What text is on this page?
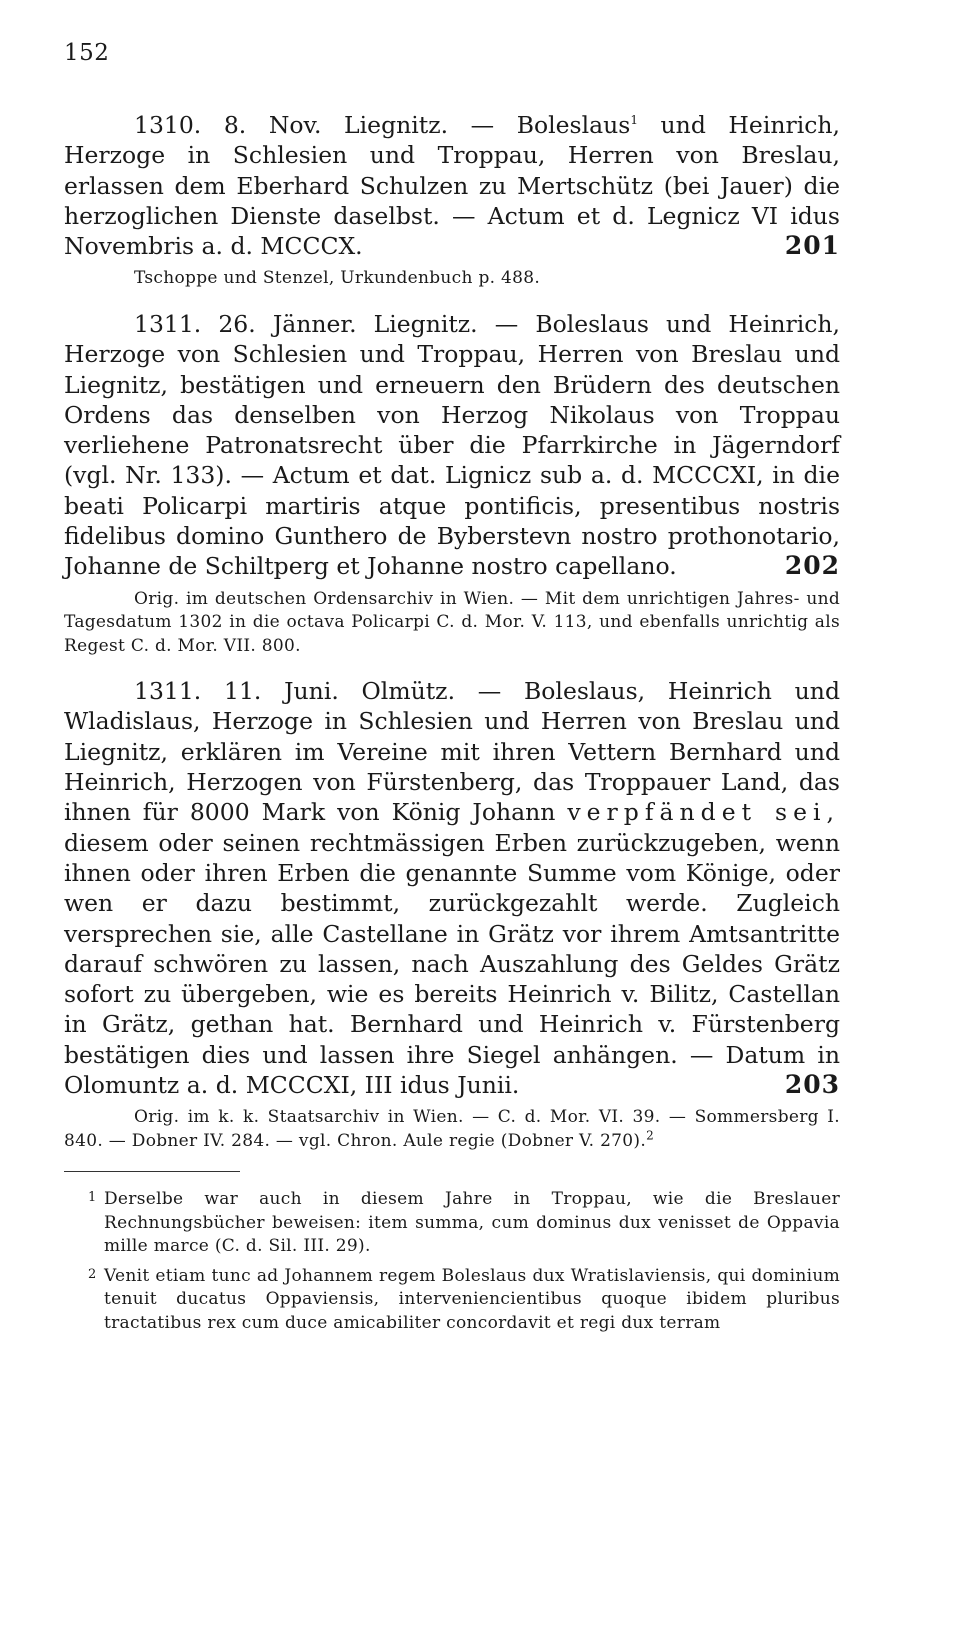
152

1310. 8. Nov. Liegnitz. — Boleslaus$^1$ und Heinrich, Herzoge in Schlesien und Troppau, Herren von Breslau, erlassen dem Eberhard Schulzen zu Mertschütz (bei Jauer) die herzoglichen Dienste daselbst. — Actum et d. Legnicz VI idus Novembris a. d. MCCCX.	201

Tschoppe und Stenzel, Urkundenbuch p. 488.

1311. 26. Jänner. Liegnitz. — Boleslaus und Heinrich, Herzoge von Schlesien und Troppau, Herren von Breslau und Liegnitz, bestätigen und erneuern den Brüdern des deutschen Ordens das denselben von Herzog Nikolaus von Troppau verliehene Patronatsrecht über die Pfarrkirche in Jägerndorf (vgl. Nr. 133). — Actum et dat. Lignicz sub a. d. MCCCXI, in die beati Policarpi martiris atque pontificis, presentibus nostris fidelibus domino Gunthero de Byberstevn nostro prothonotario, Johanne de Schiltperg et Johanne nostro capellano.	202

Orig. im deutschen Ordensarchiv in Wien. — Mit dem unrichtigen Jahres- und Tagesdatum 1302 in die octava Policarpi C. d. Mor. V. 113, und ebenfalls unrichtig als Regest C. d. Mor. VII. 800.

1311. 11. Juni. Olmütz. — Boleslaus, Heinrich und Wladislaus, Herzoge in Schlesien und Herren von Breslau und Liegnitz, erklären im Vereine mit ihren Vettern Bernhard und Heinrich, Herzogen von Fürstenberg, das Troppauer Land, das ihnen für 8000 Mark von König Johann verpfändet sei, diesem oder seinen rechtmässigen Erben zurückzugeben, wenn ihnen oder ihren Erben die genannte Summe vom Könige, oder wen er dazu bestimmt, zurückgezahlt werde. Zugleich versprechen sie, alle Castellane in Grätz vor ihrem Amtsantritte darauf schwören zu lassen, nach Auszahlung des Geldes Grätz sofort zu übergeben, wie es bereits Heinrich v. Bilitz, Castellan in Grätz, gethan hat. Bernhard und Heinrich v. Fürstenberg bestätigen dies und lassen ihre Siegel anhängen. — Datum in Olomuntz a. d. MCCCXI, III idus Junii.	203

Orig. im k. k. Staatsarchiv in Wien. — C. d. Mor. VI. 39. — Sommersberg I. 840. — Dobner IV. 284. — vgl. Chron. Aule regie (Dobner V. 270).$^2$

1 Derselbe war auch in diesem Jahre in Troppau, wie die Breslauer Rechnungsbücher beweisen: item summa, cum dominus dux venisset de Oppavia mille marce (C. d. Sil. III. 29).

2 Venit etiam tunc ad Johannem regem Boleslaus dux Wratislaviensis, qui dominium tenuit ducatus Oppaviensis, interveniencientibus quoque ibidem pluribus tractatibus rex cum duce amicabiliter concordavit et regi dux terram
